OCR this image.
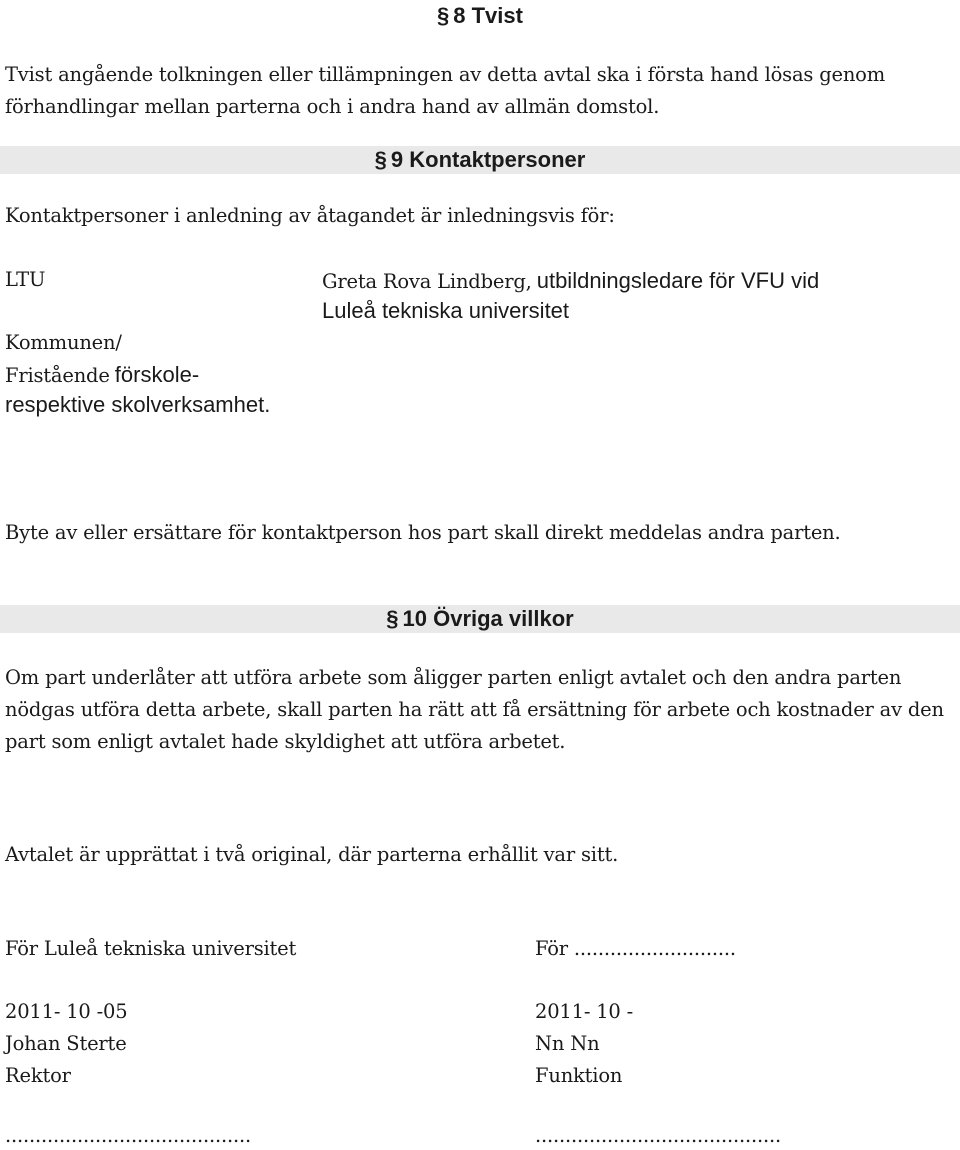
§ 8 Tvist

Tvist angående tolkningen eller tillämpningen av detta avtal ska i första hand lösas genom förhandlingar mellan parterna och i andra hand av allmän domstol.

§ 9 Kontaktpersoner
Kontaktpersoner i anledning av åtagandet är inledningsvis för:
LTU	Greta Rova Lindberg, utbildningsledare för VFU vid
Luleå tekniska universitet
Kommunen/
Fristående förskole-
respektive skolverksamhet.
Byte av eller ersättare för kontaktperson hos part skall direkt meddelas andra parten.
§ 10 Övriga villkor

Om part underlåter att utföra arbete som åligger parten enligt avtalet och den andra parten nödgas utföra detta arbete, skall parten ha rätt att få ersättning för arbete och kostnader av den part som enligt avtalet hade skyldighet att utföra arbetet.

Avtalet är upprättat i två original, där parterna erhållit var sitt.
För Luleå tekniska universitet	För ...........................
2011- 10 -05	2011- 10 -
Johan Sterte	Nn Nn
Rektor	Funktion
.........................................	.........................................
